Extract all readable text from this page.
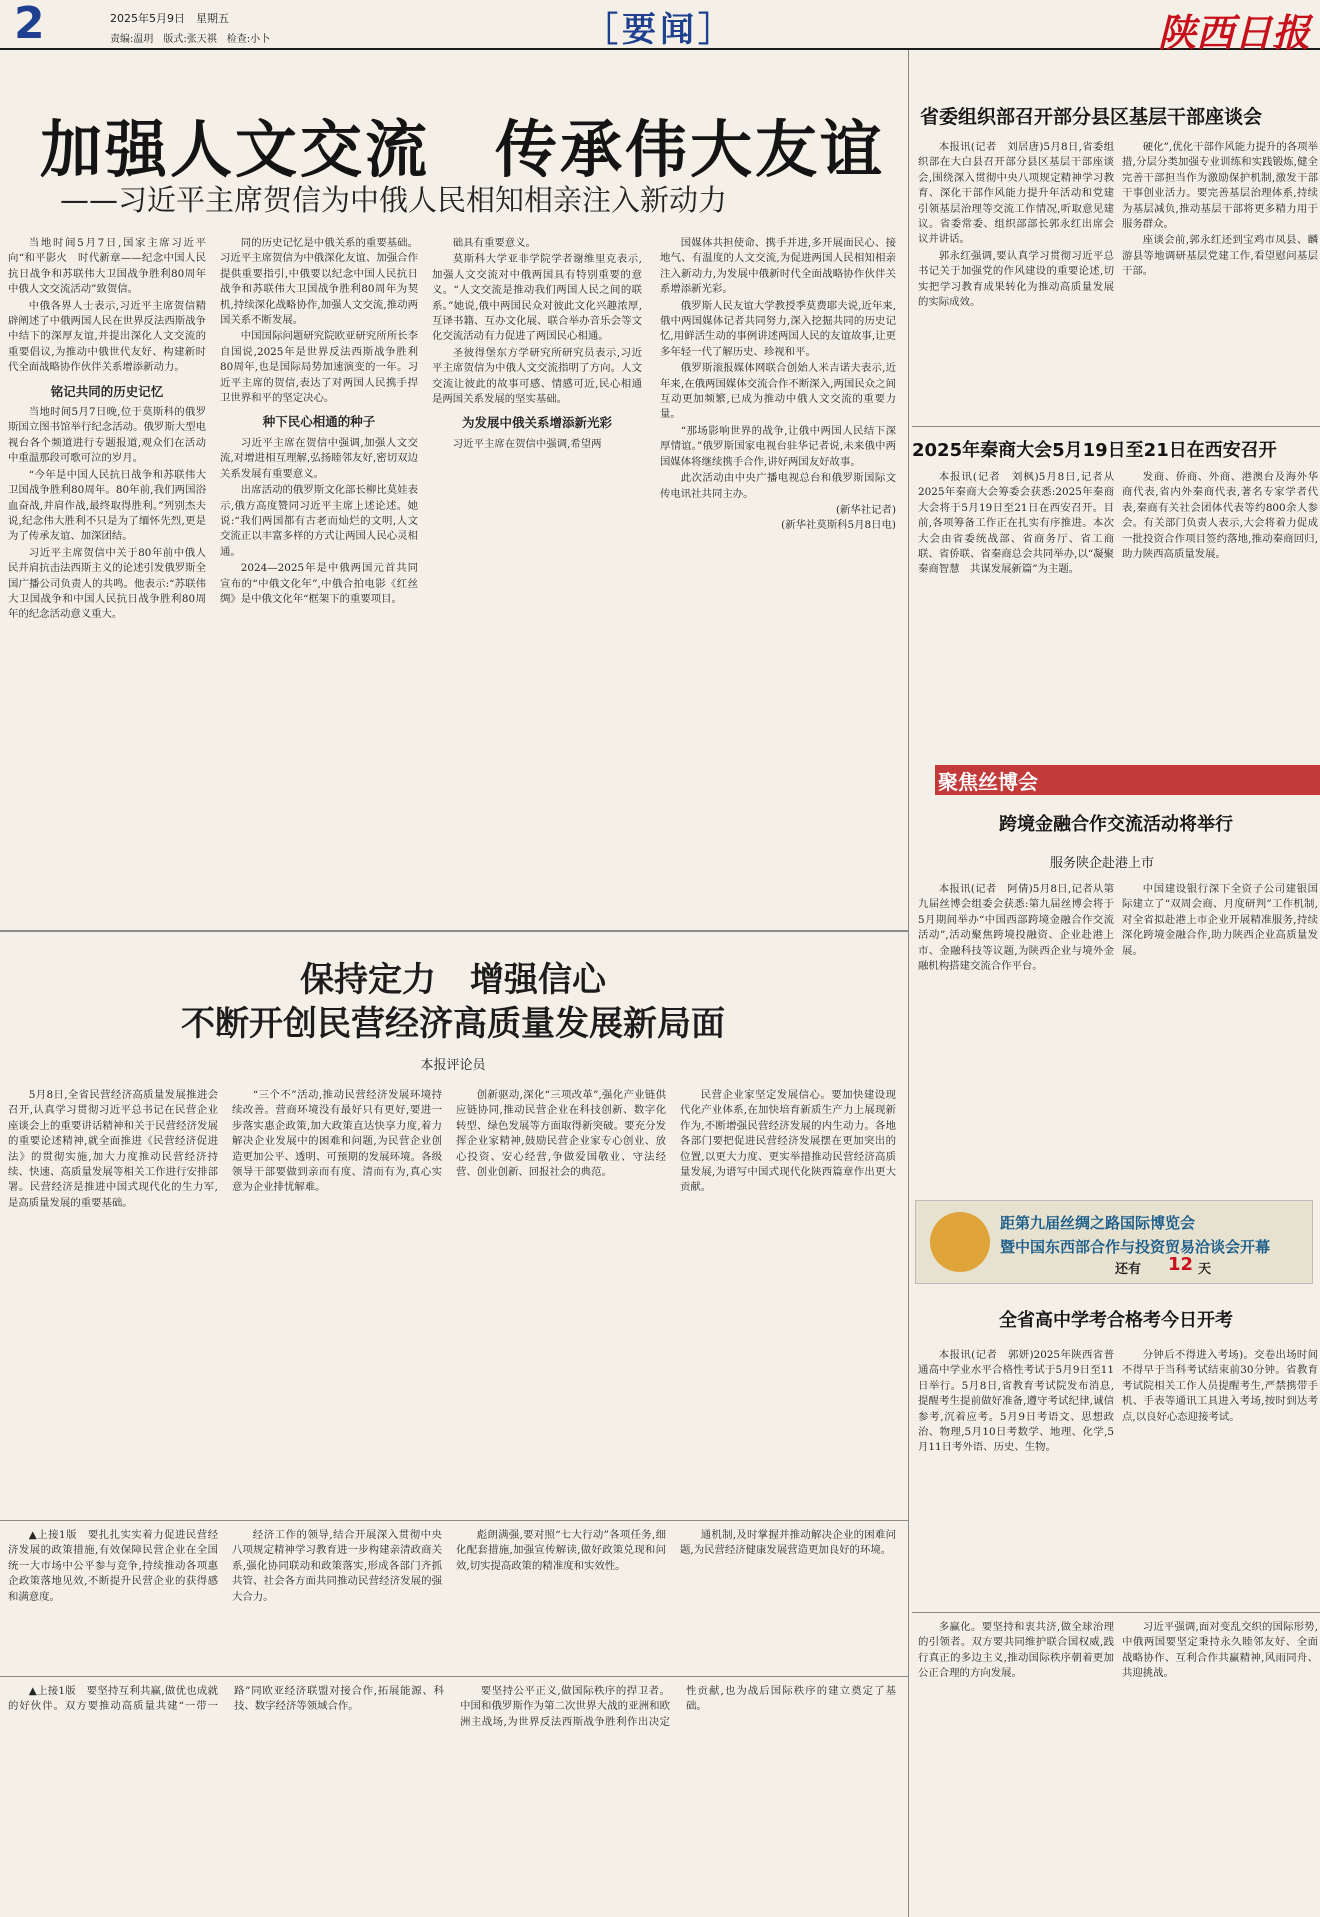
2	2025年5月9日　星期五
责编:温玥　版式:张天祺　检查:小卜	［要闻］	陕西日报
加强人文交流　传承伟大友谊
——习近平主席贺信为中俄人民相知相亲注入新动力

当地时间5月7日,国家主席习近平向“和平影火　时代新章——纪念中国人民抗日战争和苏联伟大卫国战争胜利80周年中俄人文交流活动”致贺信。

中俄各界人士表示,习近平主席贺信精辟阐述了中俄两国人民在世界反法西斯战争中结下的深厚友谊,并提出深化人文交流的重要倡议,为推动中俄世代友好、构建新时代全面战略协作伙伴关系增添新动力。

铭记共同的历史记忆

当地时间5月7日晚,位于莫斯科的俄罗斯国立图书馆举行纪念活动。俄罗斯大型电视台各个频道进行专题报道,观众们在活动中重温那段可歌可泣的岁月。

“今年是中国人民抗日战争和苏联伟大卫国战争胜利80周年。80年前,我们两国浴血奋战,并肩作战,最终取得胜利。”列别杰夫说,纪念伟大胜利不只是为了缅怀先烈,更是为了传承友谊、加深团结。

习近平主席贺信中关于80年前中俄人民并肩抗击法西斯主义的论述引发俄罗斯全国广播公司负责人的共鸣。他表示:“苏联伟大卫国战争和中国人民抗日战争胜利80周年的纪念活动意义重大。

同的历史记忆是中俄关系的重要基础。习近平主席贺信为中俄深化友谊、加强合作提供重要指引,中俄要以纪念中国人民抗日战争和苏联伟大卫国战争胜利80周年为契机,持续深化战略协作,加强人文交流,推动两国关系不断发展。

中国国际问题研究院欧亚研究所所长李自国说,2025年是世界反法西斯战争胜利80周年,也是国际局势加速演变的一年。习近平主席的贺信,表达了对两国人民携手捍卫世界和平的坚定决心。

种下民心相通的种子

习近平主席在贺信中强调,加强人文交流,对增进相互理解,弘扬睦邻友好,密切双边关系发展有重要意义。

出席活动的俄罗斯文化部长柳比莫娃表示,俄方高度赞同习近平主席上述论述。她说:“我们两国都有古老而灿烂的文明,人文交流正以丰富多样的方式让两国人民心灵相通。

2024—2025年是中俄两国元首共同宣布的“中俄文化年”,中俄合拍电影《红丝绸》是中俄文化年“框架下的重要项目。

础具有重要意义。

莫斯科大学亚非学院学者谢维里克表示,加强人文交流对中俄两国具有特别重要的意义。“人文交流是推动我们两国人民之间的联系。”她说,俄中两国民众对彼此文化兴趣浓厚,互译书籍、互办文化展、联合举办音乐会等文化交流活动有力促进了两国民心相通。

圣彼得堡东方学研究所研究员表示,习近平主席贺信为中俄人文交流指明了方向。人文交流让彼此的故事可感、情感可近,民心相通是两国关系发展的坚实基础。

为发展中俄关系增添新光彩

习近平主席在贺信中强调,希望两

国媒体共担使命、携手并进,多开展面民心、接地气、有温度的人文交流,为促进两国人民相知相亲注入新动力,为发展中俄新时代全面战略协作伙伴关系增添新光彩。

俄罗斯人民友谊大学教授季莫费耶夫说,近年来,俄中两国媒体记者共同努力,深入挖掘共同的历史记忆,用鲜活生动的事例讲述两国人民的友谊故事,让更多年轻一代了解历史、珍视和平。

俄罗斯滚报媒体网联合创始人米吉诺夫表示,近年来,在俄两国媒体交流合作不断深入,两国民众之间互动更加频繁,已成为推动中俄人文交流的重要力量。

“那场影响世界的战争,让俄中两国人民结下深厚情谊。”俄罗斯国家电视台驻华记者说,未来俄中两国媒体将继续携手合作,讲好两国友好故事。

此次活动由中央广播电视总台和俄罗斯国际文传电讯社共同主办。

(新华社记者)
(新华社莫斯科5月8日电)

保持定力　增强信心
不断开创民营经济高质量发展新局面
本报评论员

5月8日,全省民营经济高质量发展推进会召开,认真学习贯彻习近平总书记在民营企业座谈会上的重要讲话精神和关于民营经济发展的重要论述精神,就全面推进《民营经济促进法》的贯彻实施,加大力度推动民营经济持续、快速、高质量发展等相关工作进行安排部署。民营经济是推进中国式现代化的生力军,是高质量发展的重要基础。

“三个不”活动,推动民营经济发展环境持续改善。营商环境没有最好只有更好,要进一步落实惠企政策,加大政策直达快享力度,着力解决企业发展中的困难和问题,为民营企业创造更加公平、透明、可预期的发展环境。各级领导干部要做到亲而有度、清而有为,真心实意为企业排忧解难。

创新驱动,深化“三项改革”,强化产业链供应链协同,推动民营企业在科技创新、数字化转型、绿色发展等方面取得新突破。要充分发挥企业家精神,鼓励民营企业家专心创业、放心投资、安心经营,争做爱国敬业、守法经营、创业创新、回报社会的典范。

民营企业家坚定发展信心。要加快建设现代化产业体系,在加快培育新质生产力上展现新作为,不断增强民营经济发展的内生动力。各地各部门要把促进民营经济发展摆在更加突出的位置,以更大力度、更实举措推动民营经济高质量发展,为谱写中国式现代化陕西篇章作出更大贡献。

▲上接1版　要扎扎实实着力促进民营经济发展的政策措施,有效保障民营企业在全国统一大市场中公平参与竞争,持续推动各项惠企政策落地见效,不断提升民营企业的获得感和满意度。

经济工作的领导,结合开展深入贯彻中央八项规定精神学习教育进一步构建亲清政商关系,强化协同联动和政策落实,形成各部门齐抓共管、社会各方面共同推动民营经济发展的强大合力。

彪朗满强,要对照“七大行动”各项任务,细化配套措施,加强宣传解读,做好政策兑现和问效,切实提高政策的精准度和实效性。

通机制,及时掌握并推动解决企业的困难问题,为民营经济健康发展营造更加良好的环境。

▲上接1版　要坚持互利共赢,做优也成就的好伙伴。双方要推动高质量共建“一带一路”同欧亚经济联盟对接合作,拓展能源、科技、数字经济等领域合作。

要坚持公平正义,做国际秩序的捍卫者。中国和俄罗斯作为第二次世界大战的亚洲和欧洲主战场,为世界反法西斯战争胜利作出决定性贡献,也为战后国际秩序的建立奠定了基础。

省委组织部召开部分县区基层干部座谈会

本报讯(记者　刘居唐)5月8日,省委组织部在大白县召开部分县区基层干部座谈会,围绕深入贯彻中央八项规定精神学习教育、深化干部作风能力提升年活动和党建引领基层治理等交流工作情况,听取意见建议。省委常委、组织部部长郭永红出席会议并讲话。

郭永红强调,要认真学习贯彻习近平总书记关于加强党的作风建设的重要论述,切实把学习教育成果转化为推动高质量发展的实际成效。

硬化”,优化干部作风能力提升的各项举措,分层分类加强专业训练和实践锻炼,健全完善干部担当作为激励保护机制,激发干部干事创业活力。要完善基层治理体系,持续为基层减负,推动基层干部将更多精力用于服务群众。

座谈会前,郭永红还到宝鸡市凤县、麟游县等地调研基层党建工作,看望慰问基层干部。

2025年秦商大会5月19日至21日在西安召开

本报讯(记者　刘枫)5月8日,记者从2025年秦商大会筹委会获悉:2025年秦商大会将于5月19日至21日在西安召开。目前,各项筹备工作正在扎实有序推进。本次大会由省委统战部、省商务厅、省工商联、省侨联、省秦商总会共同举办,以“凝聚秦商智慧　共谋发展新篇”为主题。

发商、侨商、外商、港澳台及海外华商代表,省内外秦商代表,著名专家学者代表,秦商有关社会团体代表等约800余人参会。有关部门负责人表示,大会将着力促成一批投资合作项目签约落地,推动秦商回归,助力陕西高质量发展。

聚焦丝博会
跨境金融合作交流活动将举行
服务陕企赴港上市

本报讯(记者　阿倩)5月8日,记者从第九届丝博会组委会获悉:第九届丝博会将于5月期间举办“中国西部跨境金融合作交流活动”,活动聚焦跨境投融资、企业赴港上市、金融科技等议题,为陕西企业与境外金融机构搭建交流合作平台。

中国建设银行深下全资子公司建银国际建立了“双周会商、月度研判”工作机制,对全省拟赴港上市企业开展精准服务,持续深化跨境金融合作,助力陕西企业高质量发展。

距第九届丝绸之路国际博览会
暨中国东西部合作与投资贸易洽谈会开幕
还有 12 天
全省高中学考合格考今日开考

本报讯(记者　郭妍)2025年陕西省普通高中学业水平合格性考试于5月9日至11日举行。5月8日,省教育考试院发布消息,提醒考生提前做好准备,遵守考试纪律,诚信参考,沉着应考。5月9日考语文、思想政治、物理,5月10日考数学、地理、化学,5月11日考外语、历史、生物。

分钟后不得进入考场)。交卷出场时间不得早于当科考试结束前30分钟。省教育考试院相关工作人员提醒考生,严禁携带手机、手表等通讯工具进入考场,按时到达考点,以良好心态迎接考试。

多赢化。要坚持和衷共济,做全球治理的引领者。双方要共同维护联合国权威,践行真正的多边主义,推动国际秩序朝着更加公正合理的方向发展。

习近平强调,面对变乱交织的国际形势,中俄两国要坚定秉持永久睦邻友好、全面战略协作、互利合作共赢精神,风雨同舟、共迎挑战。
